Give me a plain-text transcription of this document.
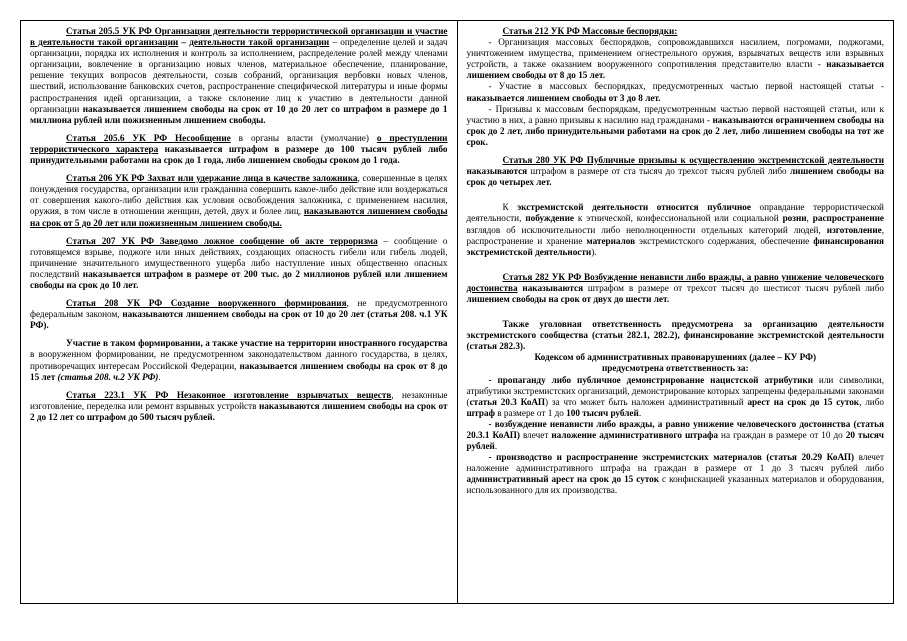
Статья 205.5 УК РФ Организация деятельности террористической организации и участие в деятельности такой организации – деятельности такой организации – определение целей и задач организации, порядка их исполнения и контроль за исполнением, распределение ролей между членами организации, вовлечение в организацию новых членов, материальное обеспечение, планирование, решение текущих вопросов деятельности, созыв собраний, организация вербовки новых членов, шествий, использование банковских счетов, распространение специфической литературы и иные формы распространения идей организации, а также склонение лиц к участию в деятельности данной организации наказывается лишением свободы на срок от 10 до 20 лет со штрафом в размере до 1 миллиона рублей или пожизненным лишением свободы.

Статья 205.6 УК РФ Несообщение в органы власти (умолчание) о преступлении террористического характера наказывается штрафом в размере до 100 тысяч рублей либо принудительными работами на срок до 1 года, либо лишением свободы сроком до 1 года.

Статья 206 УК РФ Захват или удержание лица в качестве заложника, совершенные в целях понуждения государства, организации или гражданина совершить какое-либо действие или воздержаться от совершения какого-либо действия как условия освобождения заложника, с применением насилия, оружия, в том числе в отношении женщин, детей, двух и более лиц, наказываются лишением свободы на срок от 5 до 20 лет или пожизненным лишением свободы.

Статья 207 УК РФ Заведомо ложное сообщение об акте терроризма – сообщение о готовящемся взрыве, поджоге или иных действиях, создающих опасность гибели или гибель людей, причинение значительного имущественного ущерба либо наступление иных общественно опасных последствий наказывается штрафом в размере от 200 тыс. до 2 миллионов рублей или лишением свободы на срок до 10 лет.

Статья 208 УК РФ Создание вооруженного формирования, не предусмотренного федеральным законом, наказываются лишением свободы на срок от 10 до 20 лет (статья 208. ч.1 УК РФ).

Участие в таком формировании, а также участие на территории иностранного государства в вооруженном формировании, не предусмотренном законодательством данного государства, в целях, противоречащих интересам Российской Федерации, наказывается лишением свободы на срок от 8 до 15 лет (статья 208. ч.2 УК РФ).

Статья 223.1 УК РФ Незаконное изготовление взрывчатых веществ, незаконные изготовление, переделка или ремонт взрывных устройств наказываются лишением свободы на срок от 2 до 12 лет со штрафом до 500 тысяч рублей.

Статья 212 УК РФ Массовые беспорядки:

- Организация массовых беспорядков, сопровождавшихся насилием, погромами, поджогами, уничтожением имущества, применением огнестрельного оружия, взрывчатых веществ или взрывных устройств, а также оказанием вооруженного сопротивления представителю власти - наказывается лишением свободы от 8 до 15 лет.

- Участие в массовых беспорядках, предусмотренных частью первой настоящей статьи - наказывается лишением свободы от 3 до 8 лет.

- Призывы к массовым беспорядкам, предусмотренным частью первой настоящей статьи, или к участию в них, а равно призывы к насилию над гражданами - наказываются ограничением свободы на срок до 2 лет, либо принудительными работами на срок до 2 лет, либо лишением свободы на тот же срок.

Статья 280 УК РФ Публичные призывы к осуществлению экстремистской деятельности наказываются штрафом в размере от ста тысяч до трехсот тысяч рублей либо лишением свободы на срок до четырех лет.

К экстремистской деятельности относится публичное оправдание террористической деятельности, побуждение к этнической, конфессиональной или социальной розни, распространение взглядов об исключительности либо неполноценности отдельных категорий людей, изготовление, распространение и хранение материалов экстремистского содержания, обеспечение финансирования экстремистской деятельности).

Статья 282 УК РФ Возбуждение ненависти либо вражды, а равно унижение человеческого достоинства наказываются штрафом в размере от трехсот тысяч до шестисот тысяч рублей либо лишением свободы на срок от двух до шести лет.

Также уголовная ответственность предусмотрена за организацию деятельности экстремистского сообщества (статьи 282.1, 282.2), финансирование экстремистской деятельности (статья 282.3).

Кодексом об административных правонарушениях (далее – КУ РФ)

предусмотрена ответственность за:

- пропаганду либо публичное демонстрирование нацистской атрибутики или символики, атрибутики экстремистских организаций, демонстрирование которых запрещены федеральными законами (статья 20.3 КоАП) за что может быть наложен административный арест на срок до 15 суток, либо штраф в размере от 1 до 100 тысяч рублей.

- возбуждение ненависти либо вражды, а равно унижение человеческого достоинства (статья 20.3.1 КоАП) влечет наложение административного штрафа на граждан в размере от 10 до 20 тысяч рублей.

- производство и распространение экстремистских материалов (статья 20.29 КоАП) влечет наложение административного штрафа на граждан в размере от 1 до 3 тысяч рублей либо административный арест на срок до 15 суток с конфискацией указанных материалов и оборудования, использованного для их производства.
